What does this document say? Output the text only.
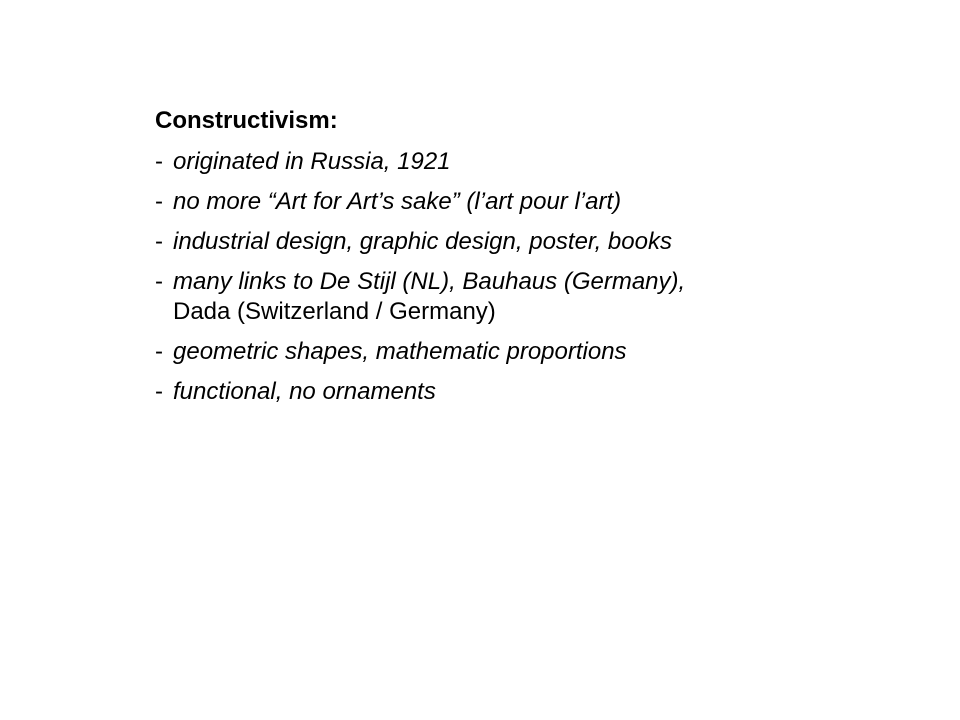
Constructivism:
- originated in Russia, 1921
- no more “Art for Art’s sake” (l’art pour l’art)
- industrial design, graphic design, poster, books
- many links to De Stijl (NL), Bauhaus (Germany),
Dada (Switzerland / Germany)
- geometric shapes, mathematic proportions
- functional, no ornaments
